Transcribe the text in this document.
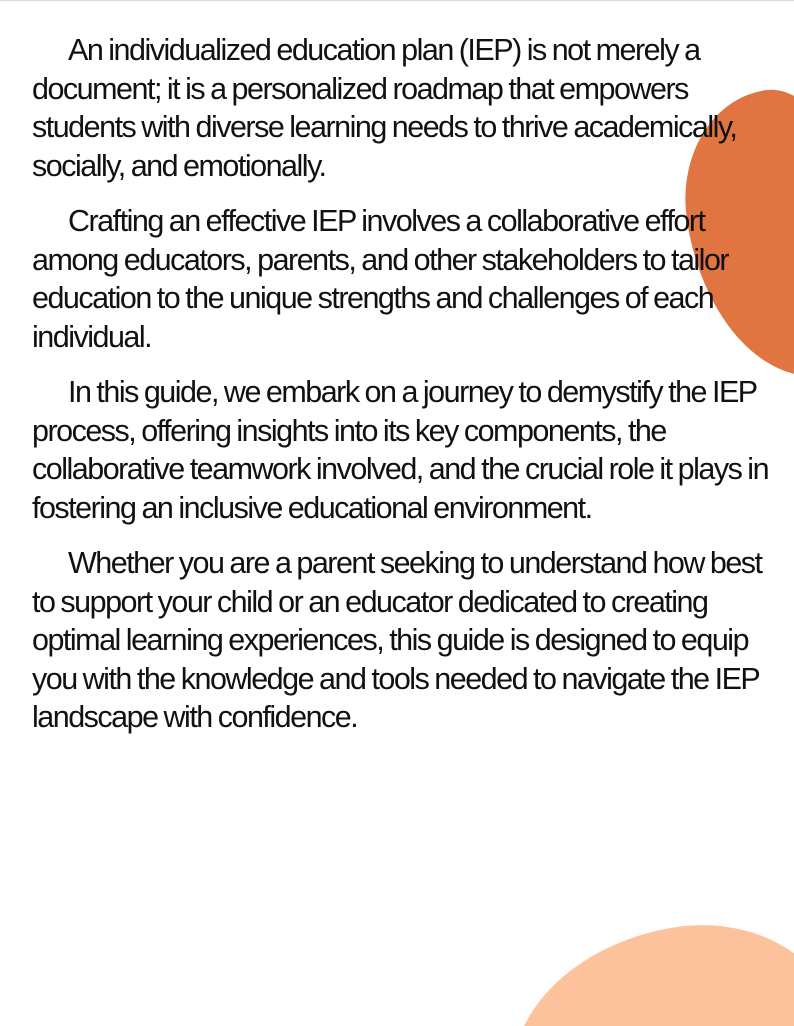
An individualized education plan (IEP) is not merely a document; it is a personalized roadmap that empowers students with diverse learning needs to thrive academically, socially, and emotionally.

Crafting an effective IEP involves a collaborative effort among educators, parents, and other stakeholders to tailor education to the unique strengths and challenges of each individual.

In this guide, we embark on a journey to demystify the IEP process, offering insights into its key components, the collaborative teamwork involved, and the crucial role it plays in fostering an inclusive educational environment.

Whether you are a parent seeking to understand how best to support your child or an educator dedicated to creating optimal learning experiences, this guide is designed to equip you with the knowledge and tools needed to navigate the IEP landscape with confidence.
